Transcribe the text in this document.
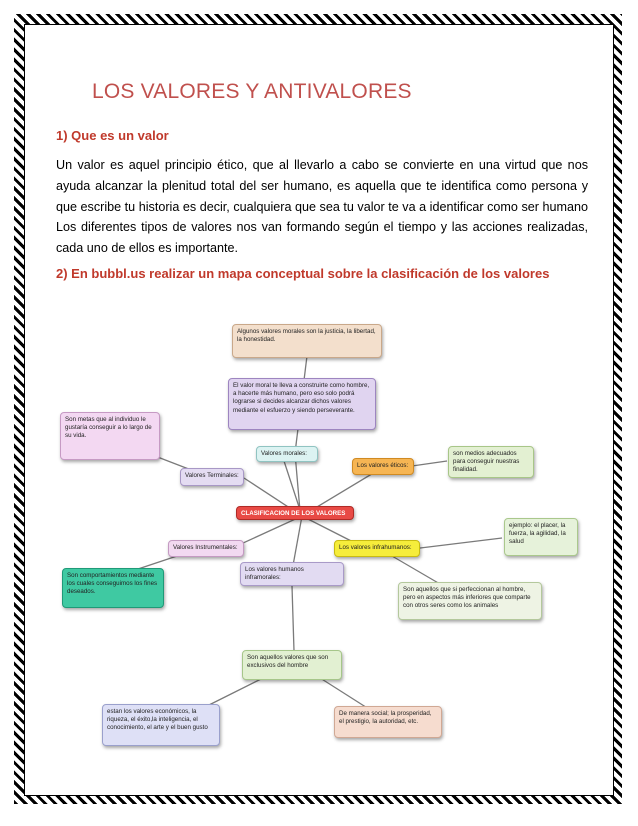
LOS VALORES Y ANTIVALORES
1) Que es un valor
Un valor es aquel principio ético, que al llevarlo a cabo se convierte en una virtud que nos ayuda alcanzar la plenitud total del ser humano, es aquella que te identifica como persona y que escribe tu historia es decir, cualquiera que sea tu valor te va a identificar como ser humano Los diferentes tipos de valores nos van formando según el tiempo y las acciones realizadas, cada uno de ellos es importante.
2) En bubbl.us realizar un mapa conceptual sobre la clasificación de los valores
Algunos valores morales son la justicia, la libertad, la honestidad.
El valor moral te lleva a construirte como hombre, a hacerte más humano, pero eso solo podrá lograrse si decides alcanzar dichos valores mediante el esfuerzo y siendo perseverante.
Son metas que al individuo le gustaría conseguir a lo largo de su vida.
Valores morales:
Los valores éticos:
son medios adecuados para conseguir nuestras finalidad.
Valores Terminales:
CLASIFICACION DE LOS VALORES
ejemplo: el placer, la fuerza, la agilidad, la salud
Valores Instrumentales:	Los valores infrahumanos:
Los valores humanos inframorales:
Son comportamientos mediante los cuales conseguimos los fines deseados.	Son aquellos que si perfeccionan al hombre, pero en aspectos más inferiores que comparte con otros seres como los animales
Son aquellos valores que son exclusivos del hombre
estan los valores económicos, la riqueza, el éxito,la inteligencia, el conocimiento, el arte y el buen gusto
De manera social; la prosperidad, el prestigio, la autoridad, etc.
